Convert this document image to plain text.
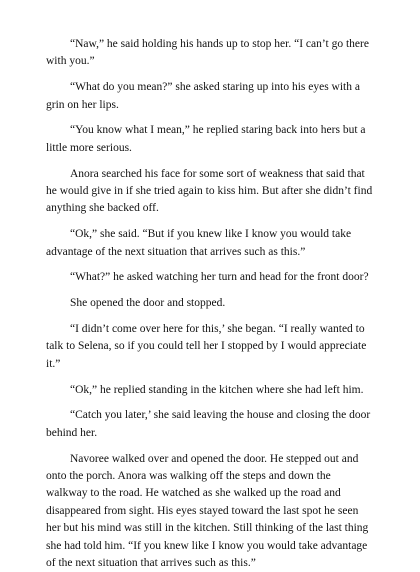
“Naw,” he said holding his hands up to stop her. “I can’t go there with you.”

“What do you mean?” she asked staring up into his eyes with a grin on her lips.

“You know what I mean,” he replied staring back into hers but a little more serious.

Anora searched his face for some sort of weakness that said that he would give in if she tried again to kiss him. But after she didn’t find anything she backed off.

“Ok,” she said. “But if you knew like I know you would take advantage of the next situation that arrives such as this.”

“What?” he asked watching her turn and head for the front door?

She opened the door and stopped.

“I didn’t come over here for this,’ she began. “I really wanted to talk to Selena, so if you could tell her I stopped by I would appreciate it.”

“Ok,” he replied standing in the kitchen where she had left him.

“Catch you later,’ she said leaving the house and closing the door behind her.

Navoree walked over and opened the door. He stepped out and onto the porch. Anora was walking off the steps and down the walkway to the road. He watched as she walked up the road and disappeared from sight. His eyes stayed toward the last spot he seen her but his mind was still in the kitchen. Still thinking of the last thing she had told him. “If you knew like I know you would take advantage of the next situation that arrives such as this.”
